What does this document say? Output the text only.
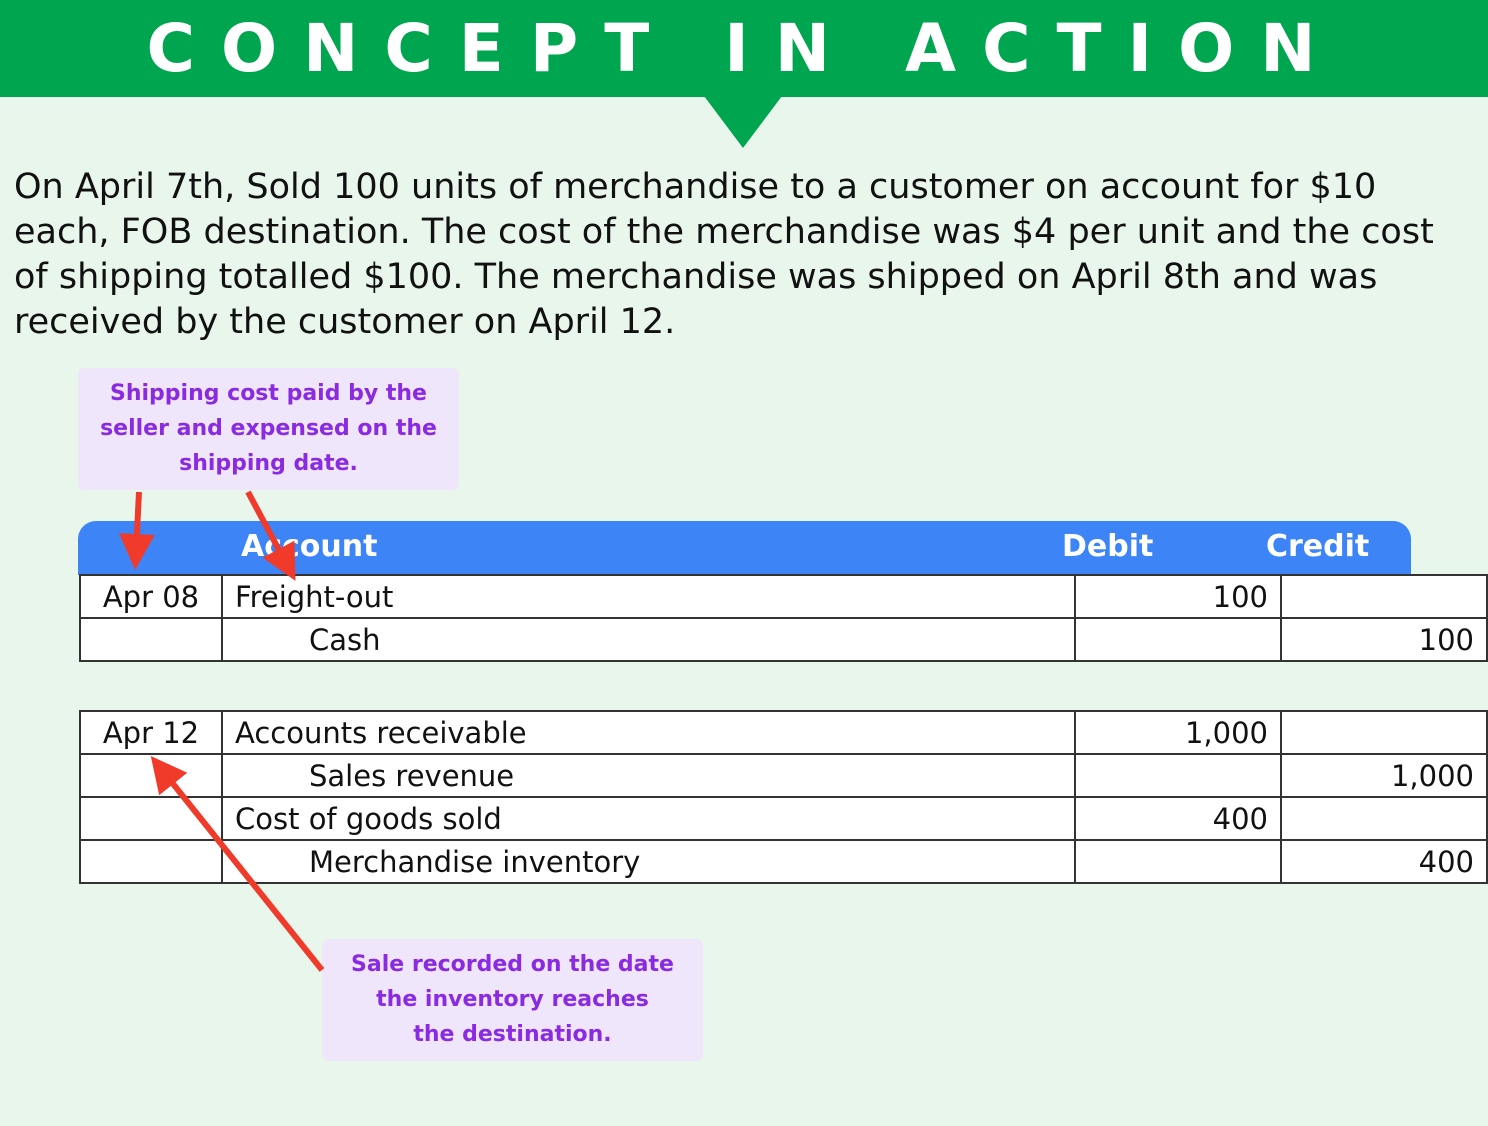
CONCEPT IN ACTION

On April 7th, Sold 100 units of merchandise to a customer on account for $10 each, FOB destination. The cost of the merchandise was $4 per unit and the cost of shipping totalled $100. The merchandise was shipped on April 8th and was received by the customer on April 12.

Shipping cost paid by the
seller and expensed on the
shipping date.
Account	Debit	Credit
Apr 08	Freight-out	100	
	Cash		100
Apr 12	Accounts receivable	1,000	
	Sales revenue		1,000
	Cost of goods sold	400	
	Merchandise inventory		400
Sale recorded on the date
the inventory reaches
the destination.
